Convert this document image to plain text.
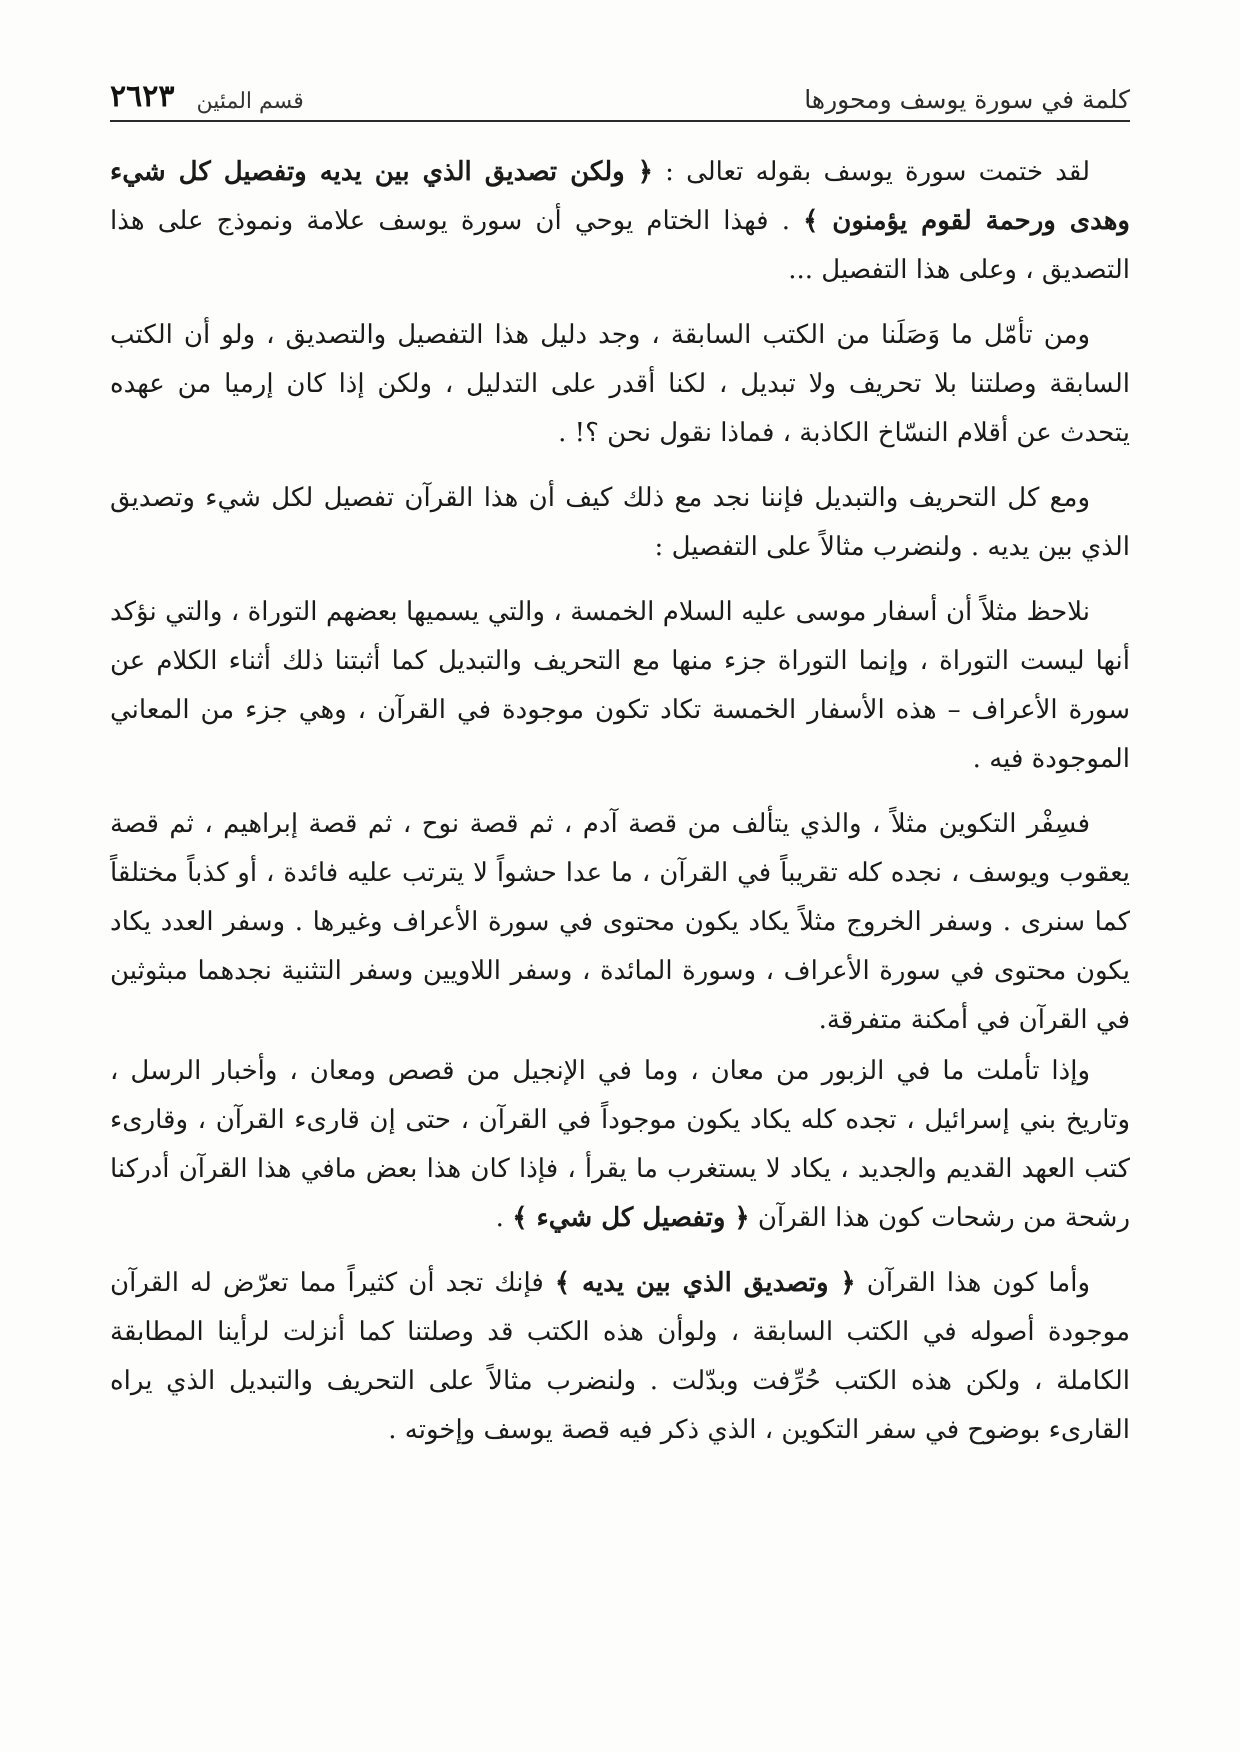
كلمة في سورة يوسف ومحورها
قسم المئين
٢٦٢٣

لقد ختمت سورة يوسف بقوله تعالى : ﴿ ولكن تصديق الذي بين يديه وتفصيل كل شيء وهدى ورحمة لقوم يؤمنون ﴾ . فهذا الختام يوحي أن سورة يوسف علامة ونموذج على هذا التصديق ، وعلى هذا التفصيل ...

ومن تأمّل ما وَصَلَنا من الكتب السابقة ، وجد دليل هذا التفصيل والتصديق ، ولو أن الكتب السابقة وصلتنا بلا تحريف ولا تبديل ، لكنا أقدر على التدليل ، ولكن إذا كان إرميا من عهده يتحدث عن أقلام النسّاخ الكاذبة ، فماذا نقول نحن ؟! .

ومع كل التحريف والتبديل فإننا نجد مع ذلك كيف أن هذا القرآن تفصيل لكل شيء وتصديق الذي بين يديه . ولنضرب مثالاً على التفصيل :

نلاحظ مثلاً أن أسفار موسى عليه السلام الخمسة ، والتي يسميها بعضهم التوراة ، والتي نؤكد أنها ليست التوراة ، وإنما التوراة جزء منها مع التحريف والتبديل كما أثبتنا ذلك أثناء الكلام عن سورة الأعراف – هذه الأسفار الخمسة تكاد تكون موجودة في القرآن ، وهي جزء من المعاني الموجودة فيه .

فسِفْر التكوين مثلاً ، والذي يتألف من قصة آدم ، ثم قصة نوح ، ثم قصة إبراهيم ، ثم قصة يعقوب ويوسف ، نجده كله تقريباً في القرآن ، ما عدا حشواً لا يترتب عليه فائدة ، أو كذباً مختلقاً كما سنرى . وسفر الخروج مثلاً يكاد يكون محتوى في سورة الأعراف وغيرها . وسفر العدد يكاد يكون محتوى في سورة الأعراف ، وسورة المائدة ، وسفر اللاويين وسفر التثنية نجدهما مبثوثين في القرآن في أمكنة متفرقة.

وإذا تأملت ما في الزبور من معان ، وما في الإنجيل من قصص ومعان ، وأخبار الرسل ، وتاريخ بني إسرائيل ، تجده كله يكاد يكون موجوداً في القرآن ، حتى إن قارىء القرآن ، وقارىء كتب العهد القديم والجديد ، يكاد لا يستغرب ما يقرأ ، فإذا كان هذا بعض مافي هذا القرآن أدركنا رشحة من رشحات كون هذا القرآن ﴿ وتفصيل كل شيء ﴾ .

وأما كون هذا القرآن ﴿ وتصديق الذي بين يديه ﴾ فإنك تجد أن كثيراً مما تعرّض له القرآن موجودة أصوله في الكتب السابقة ، ولوأن هذه الكتب قد وصلتنا كما أنزلت لرأينا المطابقة الكاملة ، ولكن هذه الكتب حُرِّفت وبدّلت . ولنضرب مثالاً على التحريف والتبديل الذي يراه القارىء بوضوح في سفر التكوين ، الذي ذكر فيه قصة يوسف وإخوته .
